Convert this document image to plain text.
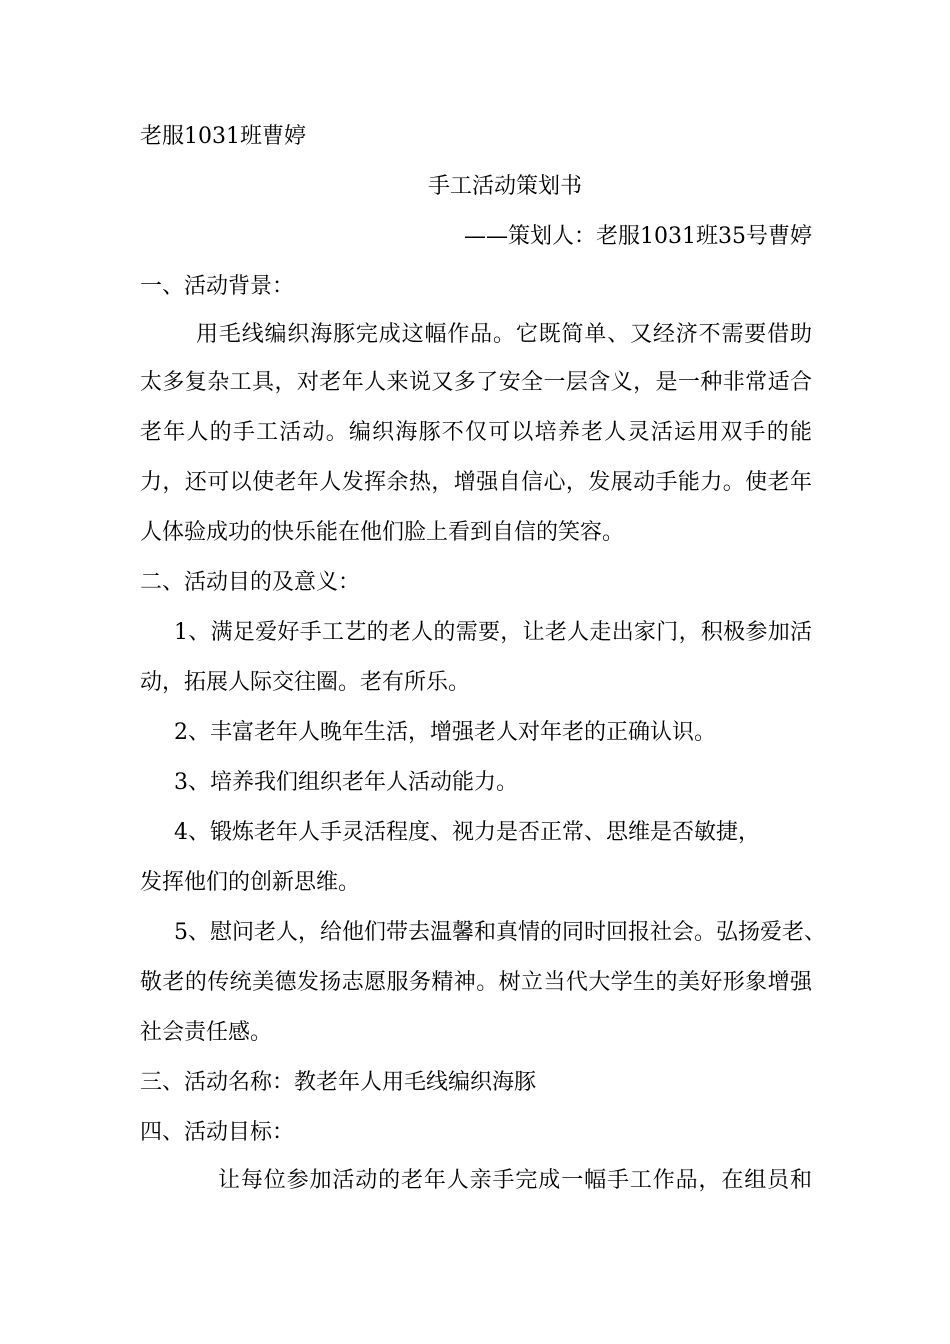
老服1031班曹婷
手工活动策划书
——策划人：老服1031班35号曹婷
一、活动背景：
用毛线编织海豚完成这幅作品。它既简单、又经济不需要借助
太多复杂工具，对老年人来说又多了安全一层含义，是一种非常适合
老年人的手工活动。编织海豚不仅可以培养老人灵活运用双手的能
力，还可以使老年人发挥余热，增强自信心，发展动手能力。使老年
人体验成功的快乐能在他们脸上看到自信的笑容。
二、活动目的及意义：
1、满足爱好手工艺的老人的需要，让老人走出家门，积极参加活
动，拓展人际交往圈。老有所乐。
2、丰富老年人晚年生活，增强老人对年老的正确认识。
3、培养我们组织老年人活动能力。
4、锻炼老年人手灵活程度、视力是否正常、思维是否敏捷，
发挥他们的创新思维。
5、慰问老人，给他们带去温馨和真情的同时回报社会。弘扬爱老、
敬老的传统美德发扬志愿服务精神。树立当代大学生的美好形象增强
社会责任感。
三、活动名称：教老年人用毛线编织海豚
四、活动目标：
让每位参加活动的老年人亲手完成一幅手工作品，在组员和
